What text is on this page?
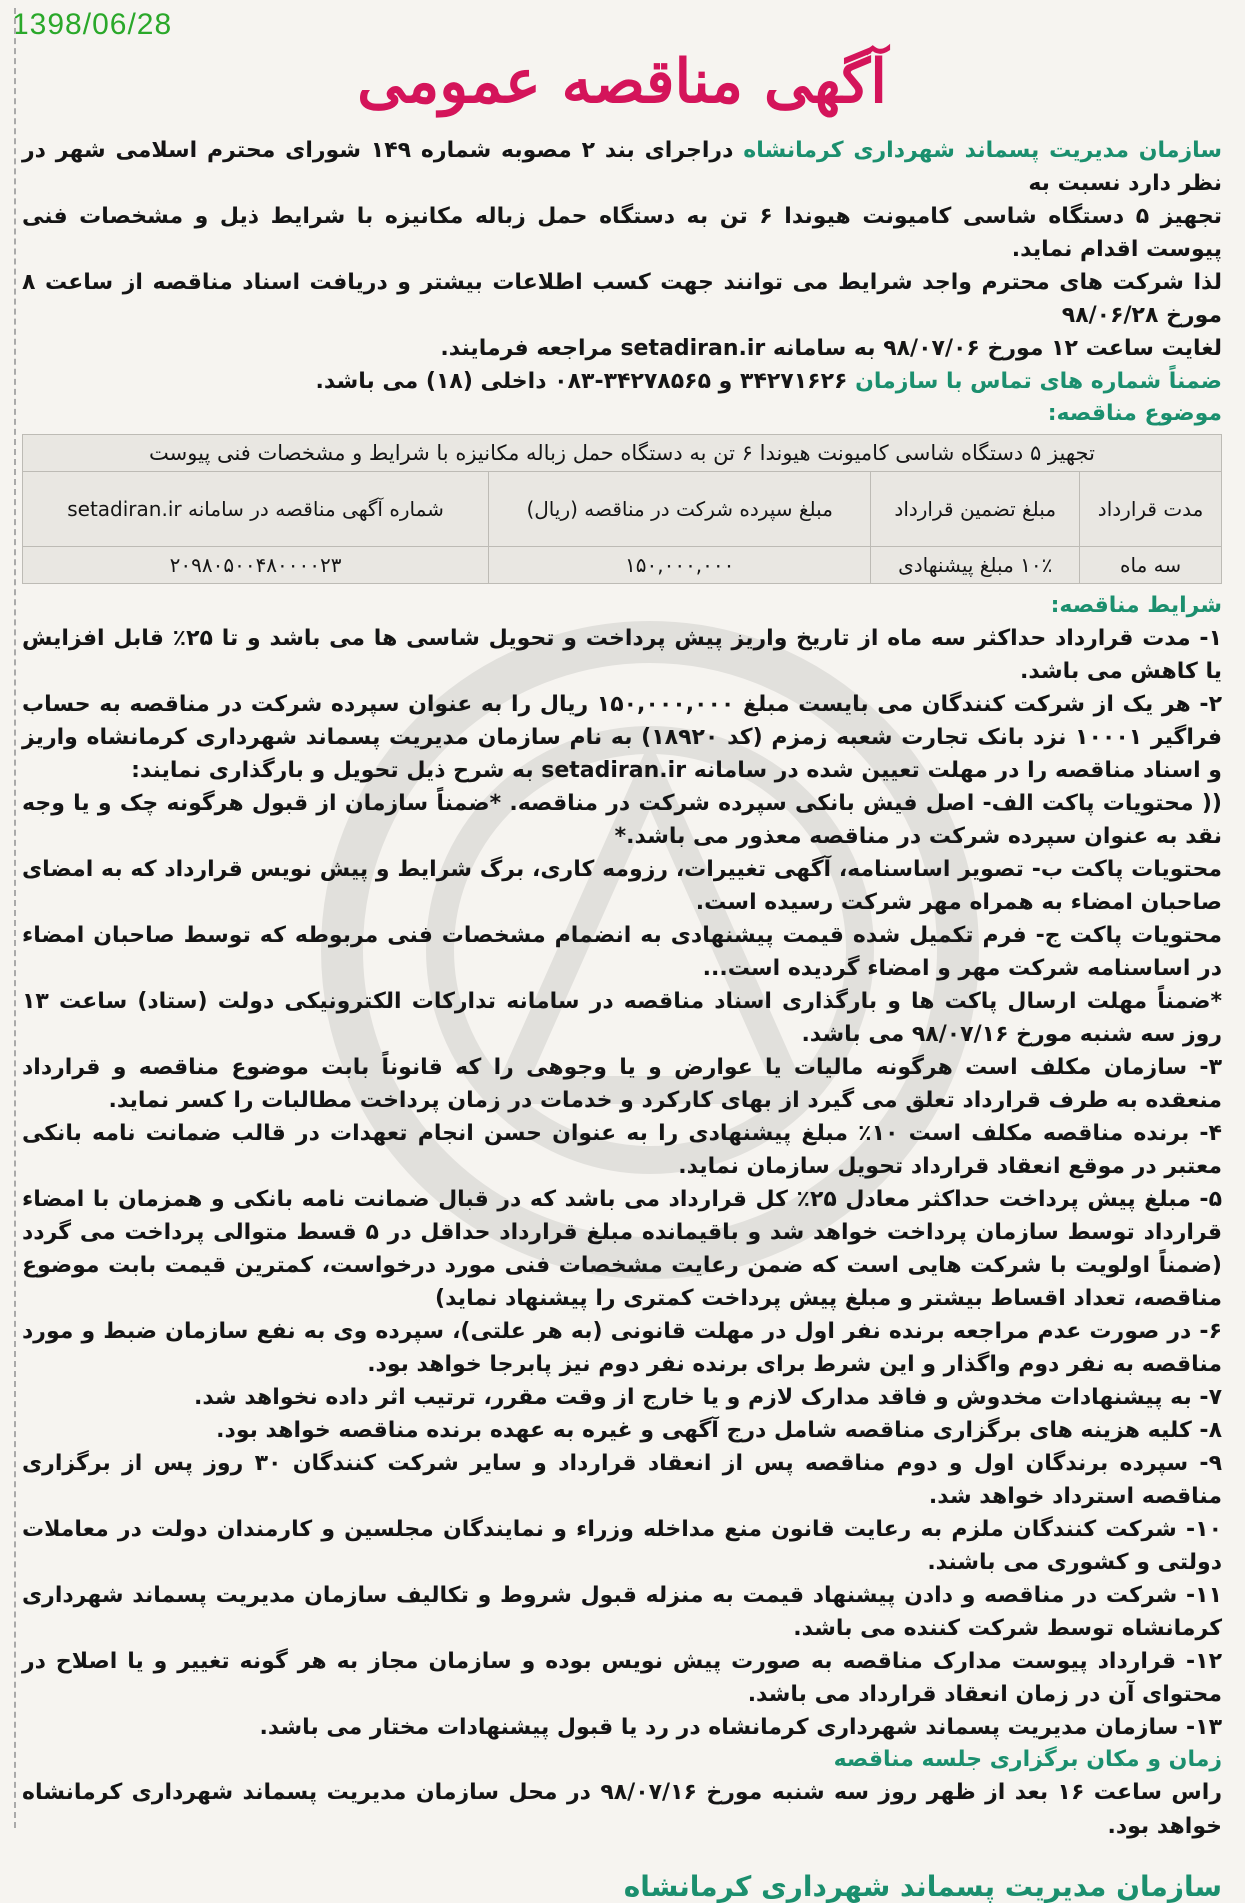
1398/06/28
آگهی مناقصه عمومی

سازمان مدیریت پسماند شهرداری کرمانشاه دراجرای بند ۲ مصوبه شماره ۱۴۹ شورای محترم اسلامی شهر در نظر دارد نسبت به

تجهیز ۵ دستگاه شاسی کامیونت هیوندا ۶ تن به دستگاه حمل زباله مکانیزه با شرایط ذیل و مشخصات فنی پیوست اقدام نماید.

لذا شرکت های محترم واجد شرایط می توانند جهت کسب اطلاعات بیشتر و دریافت اسناد مناقصه از ساعت ۸ مورخ ۹۸/۰۶/۲۸

لغایت ساعت ۱۲ مورخ ۹۸/۰۷/۰۶ به سامانه setadiran.ir مراجعه فرمایند.

ضمناً شماره های تماس با سازمان ۳۴۲۷۱۶۲۶ و ۳۴۲۷۸۵۶۵-۰۸۳ داخلی (۱۸) می باشد.

موضوع مناقصه:

تجهیز ۵ دستگاه شاسی کامیونت هیوندا ۶ تن به دستگاه حمل زباله مکانیزه با شرایط و مشخصات فنی پیوست			
مدت قرارداد	مبلغ تضمین قرارداد	مبلغ سپرده شرکت در مناقصه (ریال)	شماره آگهی مناقصه در سامانه setadiran.ir
سه ماه	۱۰٪ مبلغ پیشنهادی	۱۵۰,۰۰۰,۰۰۰	۲۰۹۸۰۵۰۰۴۸۰۰۰۰۲۳

شرایط مناقصه:

۱- مدت قرارداد حداکثر سه ماه از تاریخ واریز پیش پرداخت و تحویل شاسی ها می باشد و تا ۲۵٪ قابل افزایش یا کاهش می باشد.

۲- هر یک از شرکت کنندگان می بایست مبلغ ۱۵۰,۰۰۰,۰۰۰ ریال را به عنوان سپرده شرکت در مناقصه به حساب فراگیر ۱۰۰۰۱ نزد بانک تجارت شعبه زمزم (کد ۱۸۹۲۰) به نام سازمان مدیریت پسماند شهرداری کرمانشاه واریز و اسناد مناقصه را در مهلت تعیین شده در سامانه setadiran.ir به شرح ذیل تحویل و بارگذاری نمایند:

(( محتویات پاکت الف- اصل فیش بانکی سپرده شرکت در مناقصه. *ضمناً سازمان از قبول هرگونه چک و یا وجه نقد به عنوان سپرده شرکت در مناقصه معذور می باشد.*

محتویات پاکت ب- تصویر اساسنامه، آگهی تغییرات، رزومه کاری، برگ شرایط و پیش نویس قرارداد که به امضای صاحبان امضاء به همراه مهر شرکت رسیده است.

محتویات پاکت ج- فرم تکمیل شده قیمت پیشنهادی به انضمام مشخصات فنی مربوطه که توسط صاحبان امضاء در اساسنامه شرکت مهر و امضاء گردیده است...

*ضمناً مهلت ارسال پاکت ها و بارگذاری اسناد مناقصه در سامانه تدارکات الکترونیکی دولت (ستاد) ساعت ۱۳ روز سه شنبه مورخ ۹۸/۰۷/۱۶ می باشد.

۳- سازمان مکلف است هرگونه مالیات یا عوارض و یا وجوهی را که قانوناً بابت موضوع مناقصه و قرارداد منعقده به طرف قرارداد تعلق می گیرد از بهای کارکرد و خدمات در زمان پرداخت مطالبات را کسر نماید.

۴- برنده مناقصه مکلف است ۱۰٪ مبلغ پیشنهادی را به عنوان حسن انجام تعهدات در قالب ضمانت نامه بانکی معتبر در موقع انعقاد قرارداد تحویل سازمان نماید.

۵- مبلغ پیش پرداخت حداکثر معادل ۲۵٪ کل قرارداد می باشد که در قبال ضمانت نامه بانکی و همزمان با امضاء قرارداد توسط سازمان پرداخت خواهد شد و باقیمانده مبلغ قرارداد حداقل در ۵ قسط متوالی پرداخت می گردد (ضمناً اولویت با شرکت هایی است که ضمن رعایت مشخصات فنی مورد درخواست، کمترین قیمت بابت موضوع مناقصه، تعداد اقساط بیشتر و مبلغ پیش پرداخت کمتری را پیشنهاد نماید)

۶- در صورت عدم مراجعه برنده نفر اول در مهلت قانونی (به هر علتی)، سپرده وی به نفع سازمان ضبط و مورد مناقصه به نفر دوم واگذار و این شرط برای برنده نفر دوم نیز پابرجا خواهد بود.

۷- به پیشنهادات مخدوش و فاقد مدارک لازم و یا خارج از وقت مقرر، ترتیب اثر داده نخواهد شد.

۸- کلیه هزینه های برگزاری مناقصه شامل درج آگهی و غیره به عهده برنده مناقصه خواهد بود.

۹- سپرده برندگان اول و دوم مناقصه پس از انعقاد قرارداد و سایر شرکت کنندگان ۳۰ روز پس از برگزاری مناقصه استرداد خواهد شد.

۱۰- شرکت کنندگان ملزم به رعایت قانون منع مداخله وزراء و نمایندگان مجلسین و کارمندان دولت در معاملات دولتی و کشوری می باشند.

۱۱- شرکت در مناقصه و دادن پیشنهاد قیمت به منزله قبول شروط و تکالیف سازمان مدیریت پسماند شهرداری کرمانشاه توسط شرکت کننده می باشد.

۱۲- قرارداد پیوست مدارک مناقصه به صورت پیش نویس بوده و سازمان مجاز به هر گونه تغییر و یا اصلاح در محتوای آن در زمان انعقاد قرارداد می باشد.

۱۳- سازمان مدیریت پسماند شهرداری کرمانشاه در رد یا قبول پیشنهادات مختار می باشد.

زمان و مکان برگزاری جلسه مناقصه

راس ساعت ۱۶ بعد از ظهر روز سه شنبه مورخ ۹۸/۰۷/۱۶ در محل سازمان مدیریت پسماند شهرداری کرمانشاه خواهد بود.

سازمان مدیریت پسماند شهرداری کرمانشاه
